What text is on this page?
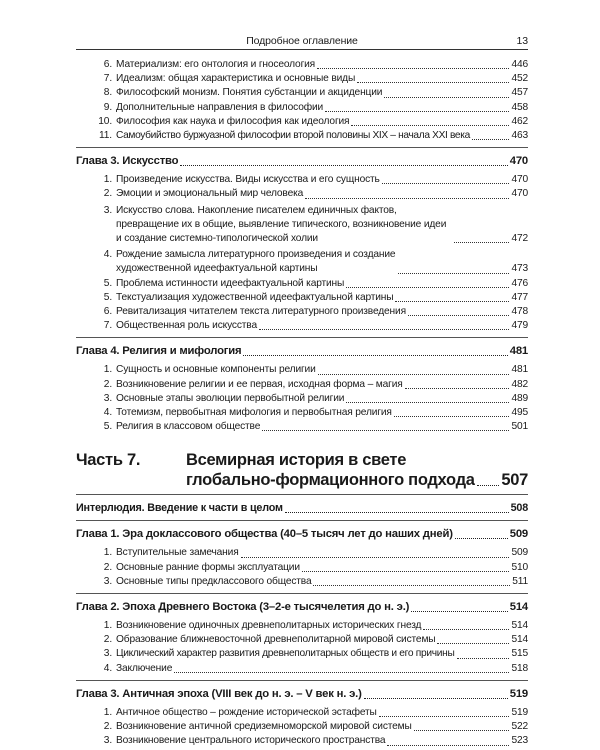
Подробное оглавление	13
6. Материализм: его онтология и гносеология	446
7. Идеализм: общая характеристика и основные виды	452
8. Философский монизм. Понятия субстанции и акциденции	457
9. Дополнительные направления в философии	458
10. Философия как наука и философия как идеология	462
11. Самоубийство буржуазной философии второй половины XIX – начала XXI века	463
Глава 3. Искусство	470
1. Произведение искусства. Виды искусства и его сущность	470
2. Эмоции и эмоциональный мир человека	470
3. Искусство слова. Накопление писателем единичных фактов, превращение их в общие, выявление типического, возникновение идеи и создание системно-типологической холии	472
4. Рождение замысла литературного произведения и создание художественной идеефактуальной картины	473
5. Проблема истинности идеефактуальной картины	476
5. Текстуализация художественной идеефактуальной картины	477
6. Ревитализация читателем текста литературного произведения	478
7. Общественная роль искусства	479
Глава 4. Религия и мифология	481
1. Сущность и основные компоненты религии	481
2. Возникновение религии и ее первая, исходная форма – магия	482
3. Основные этапы эволюции первобытной религии	489
4. Тотемизм, первобытная мифология и первобытная религия	495
5. Религия в классовом обществе	501
Часть 7.	Всемирная история в свете
глобально-формационного подхода 507
Интерлюдия. Введение к части в целом	508
Глава 1. Эра доклассового общества (40–5 тысяч лет до наших дней)	509
1. Вступительные замечания	509
2. Основные ранние формы эксплуатации	510
3. Основные типы предклассового общества	511
Глава 2. Эпоха Древнего Востока (3–2-е тысячелетия до н. э.)	514
1. Возникновение одиночных древнеполитарных исторических гнезд	514
2. Образование ближневосточной древнеполитарной мировой системы	514
3. Циклический характер развития древнеполитарных обществ и его причины	515
4. Заключение	518
Глава 3. Античная эпоха (VIII век до н. э. – V век н. э.)	519
1. Античное общество – рождение исторической эстафеты	519
2. Возникновение античной средиземноморской мировой системы	522
3. Возникновение центрального исторического пространства	523
